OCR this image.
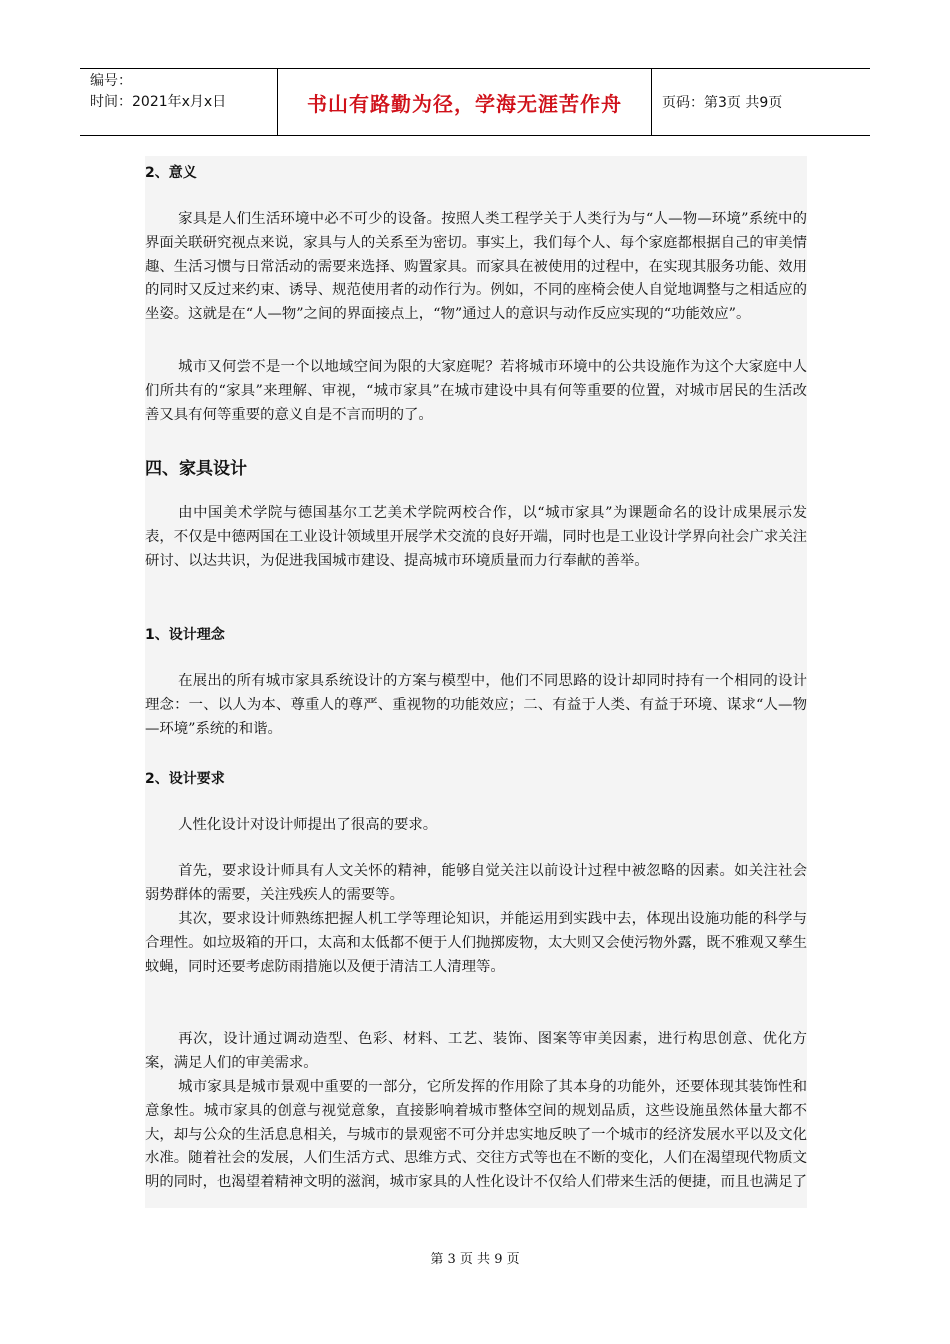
编号：
时间：2021年x月x日	书山有路勤为径，学海无涯苦作舟	页码：第3页 共9页
2、意义

家具是人们生活环境中必不可少的设备。按照人类工程学关于人类行为与“人—物—环境”系统中的界面关联研究视点来说，家具与人的关系至为密切。事实上，我们每个人、每个家庭都根据自己的审美情趣、生活习惯与日常活动的需要来选择、购置家具。而家具在被使用的过程中，在实现其服务功能、效用的同时又反过来约束、诱导、规范使用者的动作行为。例如，不同的座椅会使人自觉地调整与之相适应的坐姿。这就是在“人—物”之间的界面接点上，“物”通过人的意识与动作反应实现的“功能效应”。

城市又何尝不是一个以地域空间为限的大家庭呢？若将城市环境中的公共设施作为这个大家庭中人们所共有的“家具”来理解、审视，“城市家具”在城市建设中具有何等重要的位置，对城市居民的生活改善又具有何等重要的意义自是不言而明的了。

四、家具设计

由中国美术学院与德国基尔工艺美术学院两校合作，以“城市家具”为课题命名的设计成果展示发表，不仅是中德两国在工业设计领域里开展学术交流的良好开端，同时也是工业设计学界向社会广求关注研讨、以达共识，为促进我国城市建设、提高城市环境质量而力行奉献的善举。

1、设计理念

在展出的所有城市家具系统设计的方案与模型中，他们不同思路的设计却同时持有一个相同的设计理念：一、以人为本、尊重人的尊严、重视物的功能效应；二、有益于人类、有益于环境、谋求“人—物—环境”系统的和谐。

2、设计要求

人性化设计对设计师提出了很高的要求。

首先，要求设计师具有人文关怀的精神，能够自觉关注以前设计过程中被忽略的因素。如关注社会弱势群体的需要，关注残疾人的需要等。

其次，要求设计师熟练把握人机工学等理论知识，并能运用到实践中去，体现出设施功能的科学与合理性。如垃圾箱的开口，太高和太低都不便于人们抛掷废物，太大则又会使污物外露，既不雅观又孳生蚊蝇，同时还要考虑防雨措施以及便于清洁工人清理等。

再次，设计通过调动造型、色彩、材料、工艺、装饰、图案等审美因素，进行构思创意、优化方案，满足人们的审美需求。

城市家具是城市景观中重要的一部分，它所发挥的作用除了其本身的功能外，还要体现其装饰性和意象性。城市家具的创意与视觉意象，直接影响着城市整体空间的规划品质，这些设施虽然体量大都不大，却与公众的生活息息相关，与城市的景观密不可分并忠实地反映了一个城市的经济发展水平以及文化水准。随着社会的发展，人们生活方式、思维方式、交往方式等也在不断的变化，人们在渴望现代物质文明的同时，也渴望着精神文明的滋润，城市家具的人性化设计不仅给人们带来生活的便捷，而且也满足了

第 3 页 共 9 页
